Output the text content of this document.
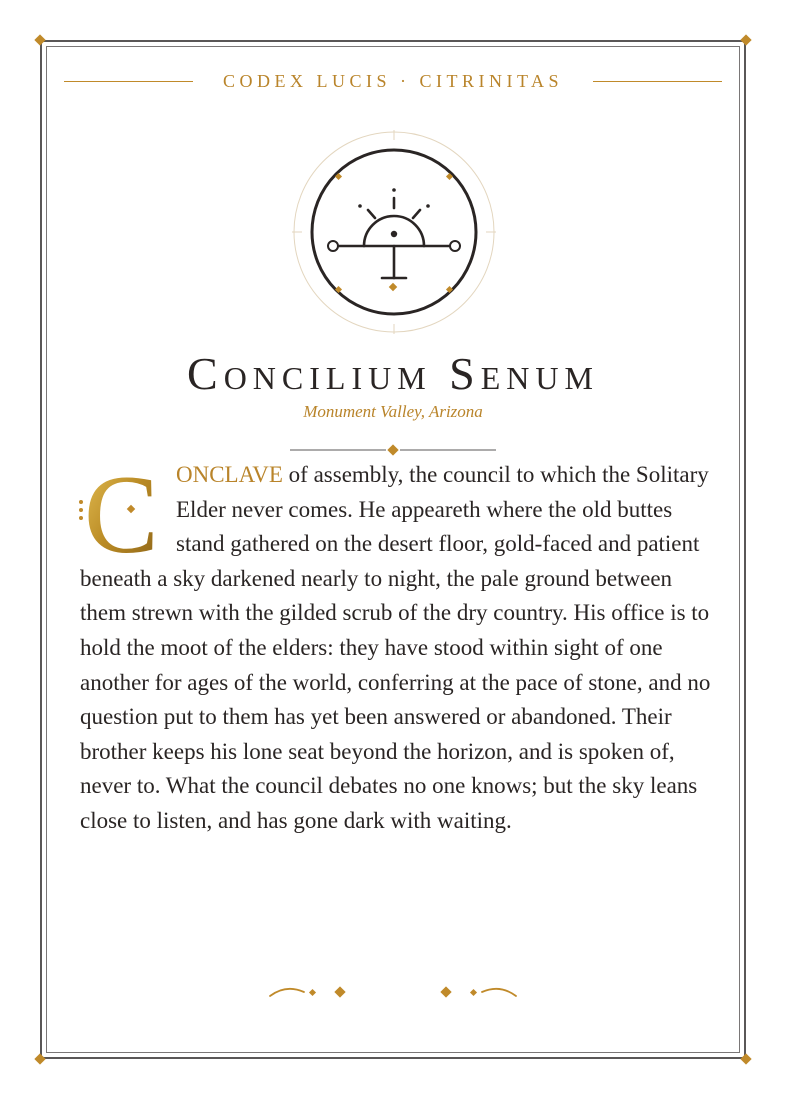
CODEX LUCIS · CITRINITAS
Concilium Senum
Monument Valley, Arizona
C ONCLAVE of assembly, the council to which the Solitary Elder never comes. He appeareth where the old buttes stand gathered on the desert floor, gold-faced and patient beneath a sky darkened nearly to night, the pale ground between them strewn with the gilded scrub of the dry country. His office is to hold the moot of the elders: they have stood within sight of one another for ages of the world, conferring at the pace of stone, and no question put to them has yet been answered or abandoned. Their brother keeps his lone seat beyond the horizon, and is spoken of, never to. What the council debates no one knows; but the sky leans close to listen, and has gone dark with waiting.
